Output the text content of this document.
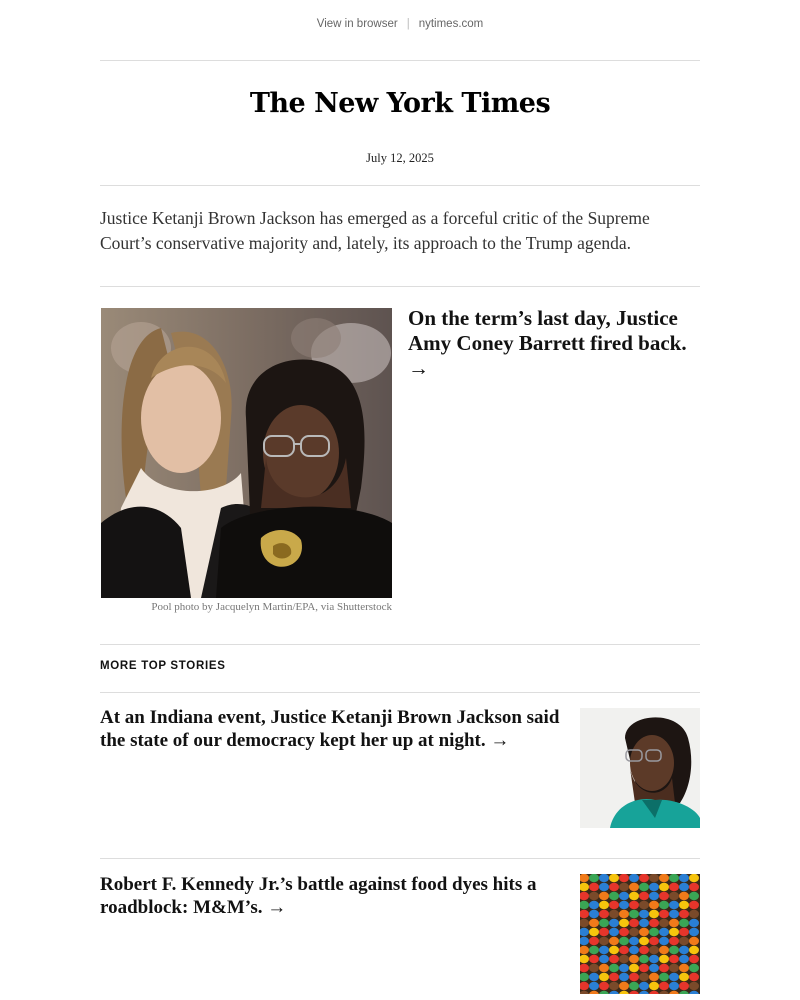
View in browser | nytimes.com
The New York Times
July 12, 2025
Justice Ketanji Brown Jackson has emerged as a forceful critic of the Supreme Court’s conservative majority and, lately, its approach to the Trump agenda.
Pool photo by Jacquelyn Martin/EPA, via Shutterstock
On the term’s last day, Justice Amy Coney Barrett fired back. →
MORE TOP STORIES
At an Indiana event, Justice Ketanji Brown Jackson said the state of our democracy kept her up at night. →
Robert F. Kennedy Jr.’s battle against food dyes hits a roadblock: M&M’s. →
